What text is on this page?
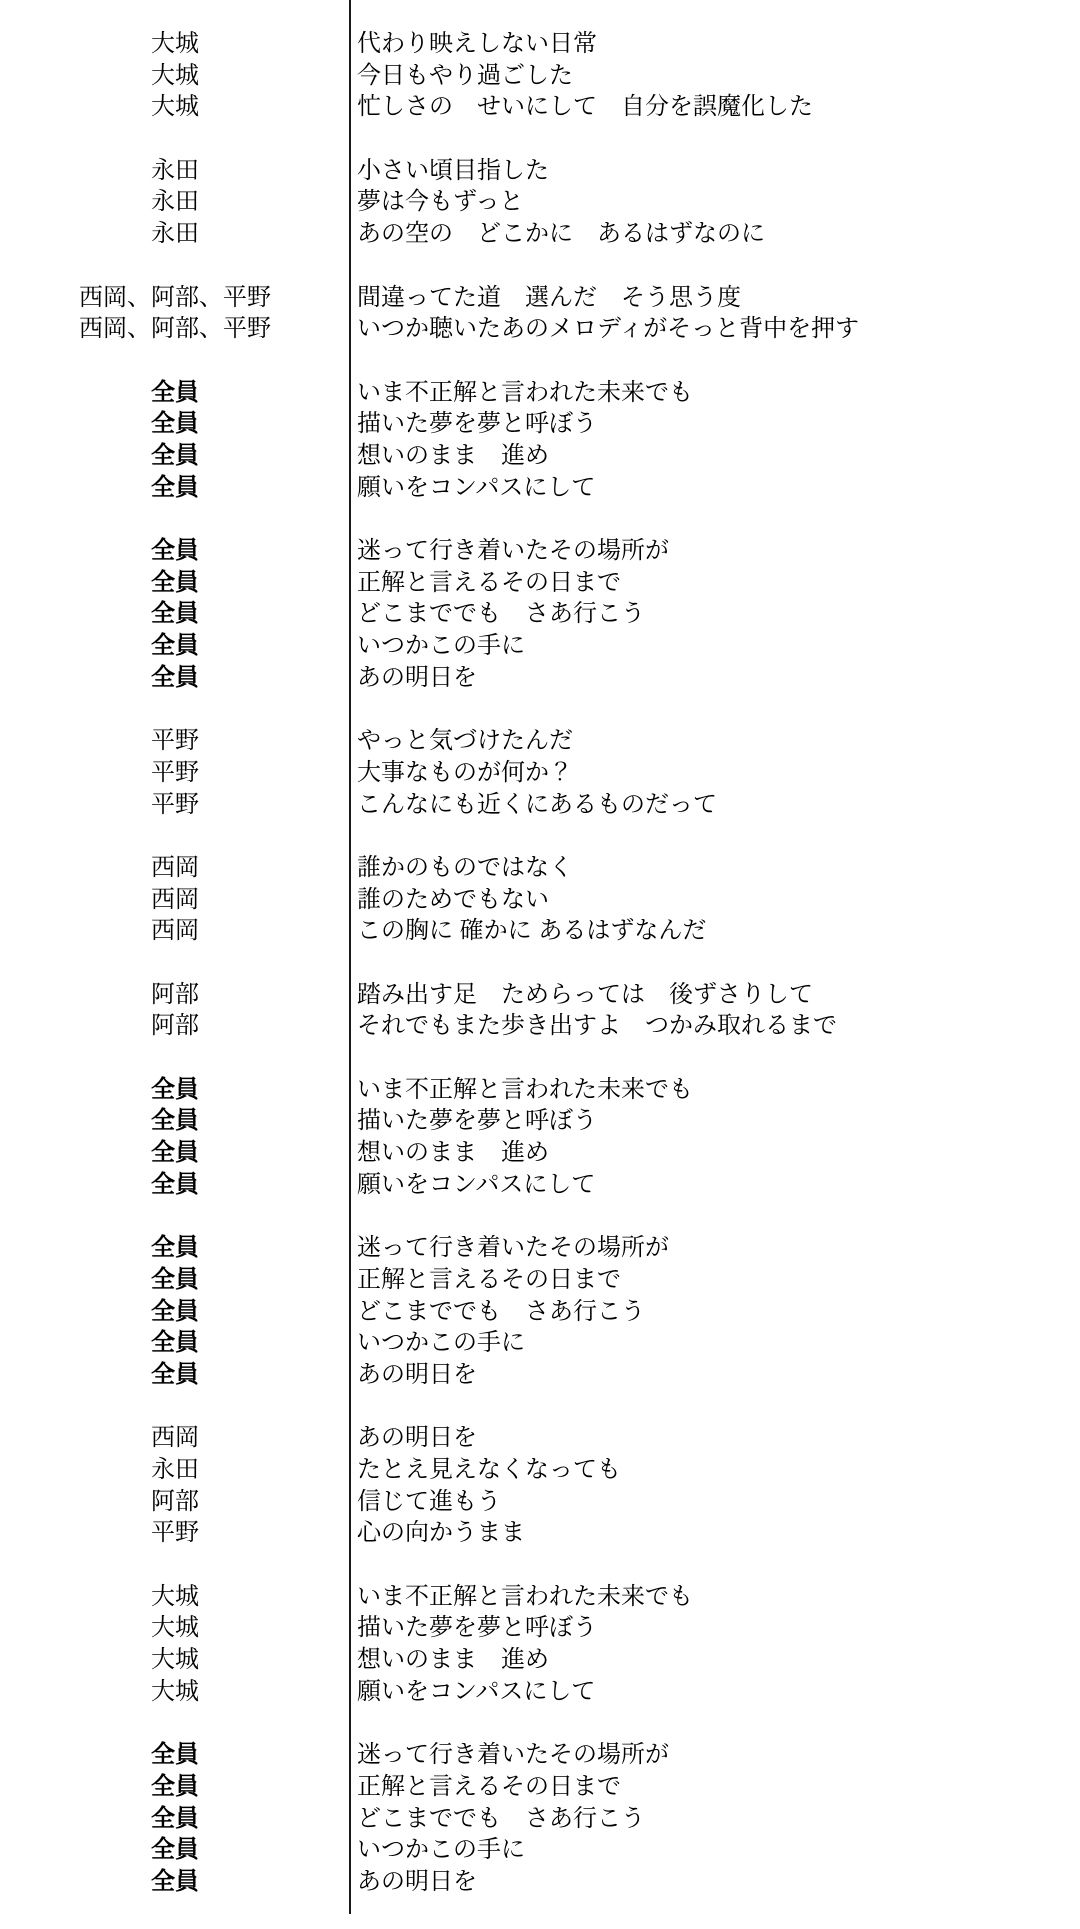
大城	代わり映えしない日常
大城	今日もやり過ごした
大城	忙しさの　せいにして　自分を誤魔化した
永田	小さい頃目指した
永田	夢は今もずっと
永田	あの空の　どこかに　あるはずなのに
西岡、阿部、平野	間違ってた道　選んだ　そう思う度
西岡、阿部、平野	いつか聴いたあのメロディがそっと背中を押す
全員	いま不正解と言われた未来でも
全員	描いた夢を夢と呼ぼう
全員	想いのまま　進め
全員	願いをコンパスにして
全員	迷って行き着いたその場所が
全員	正解と言えるその日まで
全員	どこまででも　さあ行こう
全員	いつかこの手に
全員	あの明日を
平野	やっと気づけたんだ
平野	大事なものが何か？
平野	こんなにも近くにあるものだって
西岡	誰かのものではなく
西岡	誰のためでもない
西岡	この胸に 確かに あるはずなんだ
阿部	踏み出す足　ためらっては　後ずさりして
阿部	それでもまた歩き出すよ　つかみ取れるまで
全員	いま不正解と言われた未来でも
全員	描いた夢を夢と呼ぼう
全員	想いのまま　進め
全員	願いをコンパスにして
全員	迷って行き着いたその場所が
全員	正解と言えるその日まで
全員	どこまででも　さあ行こう
全員	いつかこの手に
全員	あの明日を
西岡	あの明日を
永田	たとえ見えなくなっても
阿部	信じて進もう
平野	心の向かうまま
大城	いま不正解と言われた未来でも
大城	描いた夢を夢と呼ぼう
大城	想いのまま　進め
大城	願いをコンパスにして
全員	迷って行き着いたその場所が
全員	正解と言えるその日まで
全員	どこまででも　さあ行こう
全員	いつかこの手に
全員	あの明日を
